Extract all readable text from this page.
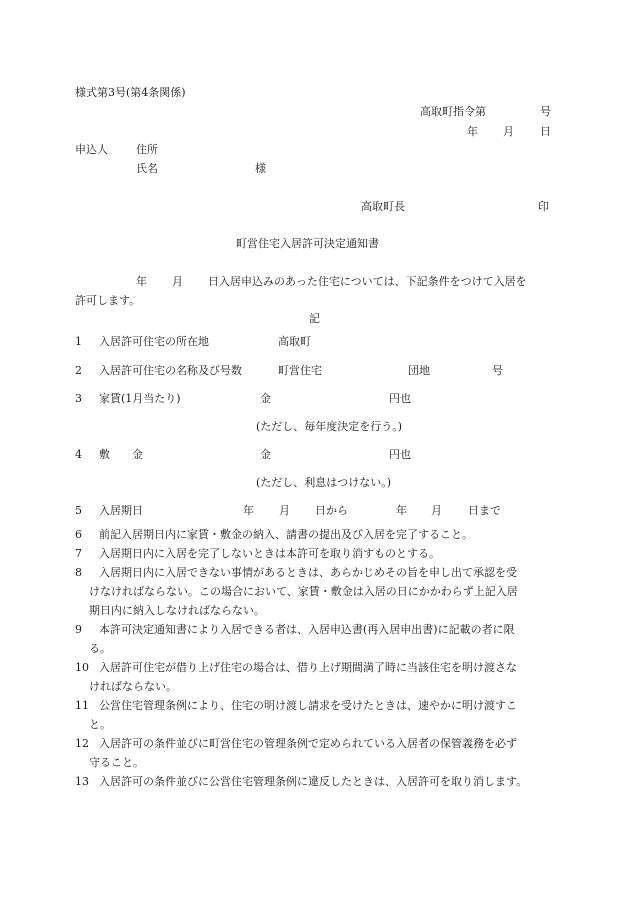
様式第3号(第4条関係)
高取町指令第	号
年 月 日
申込人	住所
氏名	様
高取町長	印
町営住宅入居許可決定通知書
年 月 日入居申込みのあった住宅については、下記条件をつけて入居を
許可します。
記
1 入居許可住宅の所在地	高取町
2 入居許可住宅の名称及び号数	町営住宅	団地	号
3 家賃(1月当たり)	金	円也
(ただし、毎年度決定を行う。)
4 敷　　金	金	円也
(ただし、利息はつけない。)
5 入居期日	年 月 日から	年 月 日まで
6 前記入居期日内に家賃・敷金の納入、請書の提出及び入居を完了すること。
7 入居期日内に入居を完了しないときは本許可を取り消すものとする。
8 入居期日内に入居できない事情があるときは、あらかじめその旨を申し出て承認を受
けなければならない。この場合において、家賃・敷金は入居の日にかかわらず上記入居
期日内に納入しなければならない。
9 本許可決定通知書により入居できる者は、入居申込書(再入居申出書)に記載の者に限
る。
10 入居許可住宅が借り上げ住宅の場合は、借り上げ期間満了時に当該住宅を明け渡さな
ければならない。
11 公営住宅管理条例により、住宅の明け渡し請求を受けたときは、速やかに明け渡すこ
と。
12 入居許可の条件並びに町営住宅の管理条例で定められている入居者の保管義務を必ず
守ること。
13 入居許可の条件並びに公営住宅管理条例に違反したときは、入居許可を取り消します。
